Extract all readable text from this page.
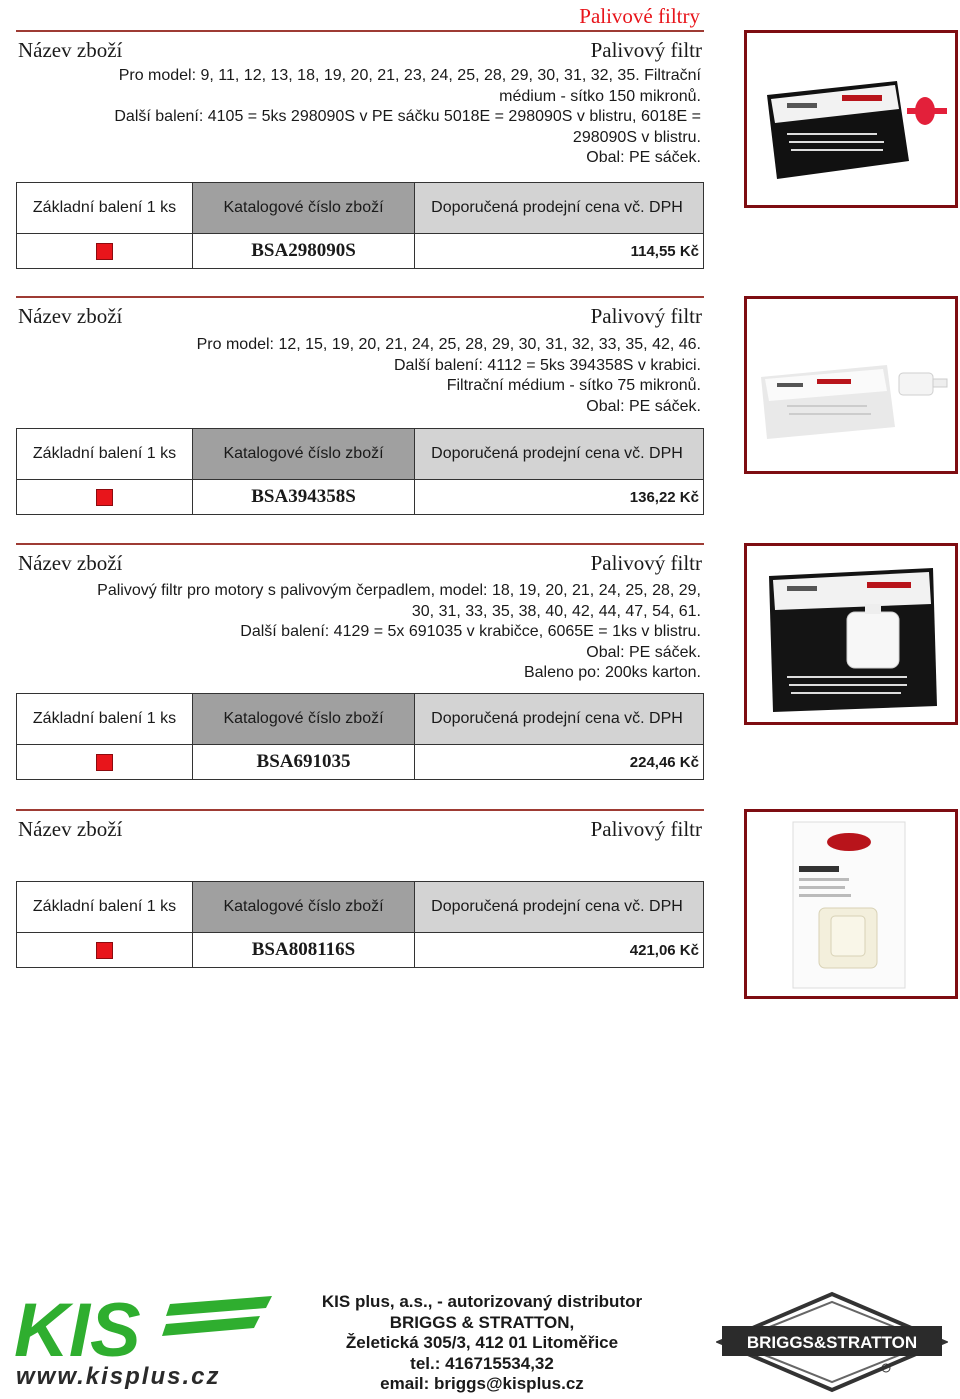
Palivové filtry
Název zboží	Palivový filtr
Pro model: 9, 11, 12, 13, 18, 19, 20, 21, 23, 24, 25, 28, 29, 30, 31, 32, 35. Filtrační
médium - sítko 150 mikronů.
Další balení: 4105 = 5ks 298090S v PE sáčku 5018E = 298090S v blistru, 6018E =
298090S v blistru.
Obal: PE sáček.
Základní balení 1 ks	Katalogové číslo zboží	Doporučená prodejní cena vč. DPH
BSA298090S	114,55 Kč
Název zboží	Palivový filtr
Pro model: 12, 15, 19, 20, 21, 24, 25, 28, 29, 30, 31, 32, 33, 35, 42, 46.
Další balení: 4112 = 5ks 394358S v krabici.
Filtrační médium - sítko 75 mikronů.
Obal: PE sáček.
Základní balení 1 ks	Katalogové číslo zboží	Doporučená prodejní cena vč. DPH
BSA394358S	136,22 Kč
Název zboží	Palivový filtr
Palivový filtr pro motory s palivovým čerpadlem, model: 18, 19, 20, 21, 24, 25, 28, 29,
30, 31, 33, 35, 38, 40, 42, 44, 47, 54, 61.
Další balení: 4129 = 5x 691035 v krabičce, 6065E = 1ks v blistru.
Obal: PE sáček.
Baleno po: 200ks karton.
Základní balení 1 ks	Katalogové číslo zboží	Doporučená prodejní cena vč. DPH
BSA691035	224,46 Kč
Název zboží	Palivový filtr
Základní balení 1 ks	Katalogové číslo zboží	Doporučená prodejní cena vč. DPH
BSA808116S	421,06 Kč
KIS
www.kisplus.cz
KIS plus, a.s., - autorizovaný distributor
BRIGGS & STRATTON,
Želetická 305/3, 412 01 Litoměřice
tel.: 416715534,32
email: briggs@kisplus.cz
BRIGGS&STRATTON
